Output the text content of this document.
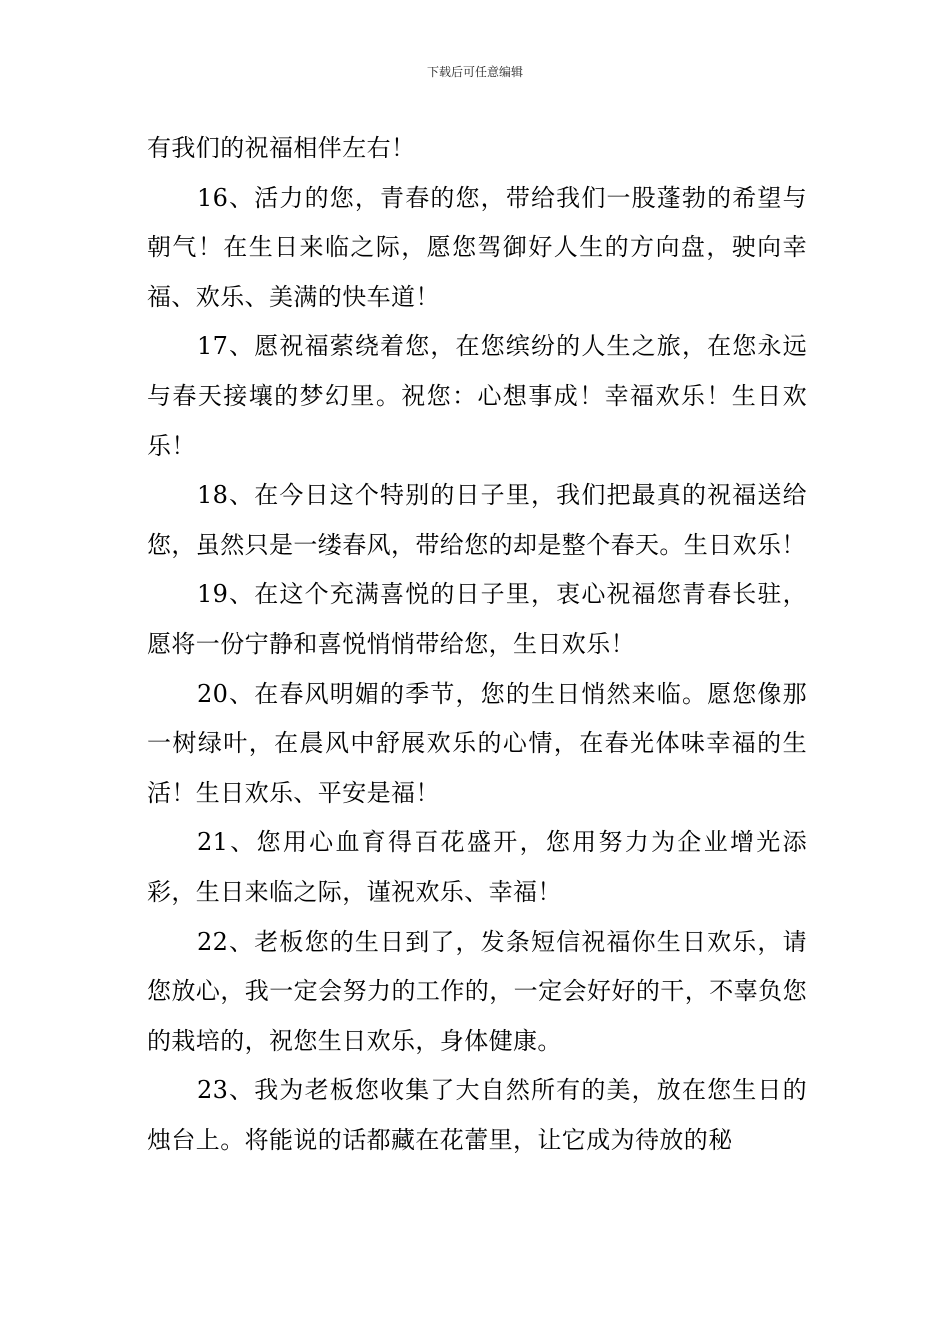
下载后可任意编辑

有我们的祝福相伴左右！

16、活力的您，青春的您，带给我们一股蓬勃的希望与朝气！在生日来临之际，愿您驾御好人生的方向盘，驶向幸福、欢乐、美满的快车道！

17、愿祝福萦绕着您，在您缤纷的人生之旅，在您永远与春天接壤的梦幻里。祝您：心想事成！幸福欢乐！生日欢乐！

18、在今日这个特别的日子里，我们把最真的祝福送给您，虽然只是一缕春风，带给您的却是整个春天。生日欢乐！

19、在这个充满喜悦的日子里，衷心祝福您青春长驻，愿将一份宁静和喜悦悄悄带给您，生日欢乐！

20、在春风明媚的季节，您的生日悄然来临。愿您像那一树绿叶，在晨风中舒展欢乐的心情，在春光体味幸福的生活！生日欢乐、平安是福！

21、您用心血育得百花盛开，您用努力为企业增光添彩，生日来临之际，谨祝欢乐、幸福！

22、老板您的生日到了，发条短信祝福你生日欢乐，请您放心，我一定会努力的工作的，一定会好好的干，不辜负您的栽培的，祝您生日欢乐，身体健康。

23、我为老板您收集了大自然所有的美，放在您生日的烛台上。将能说的话都藏在花蕾里，让它成为待放的秘
